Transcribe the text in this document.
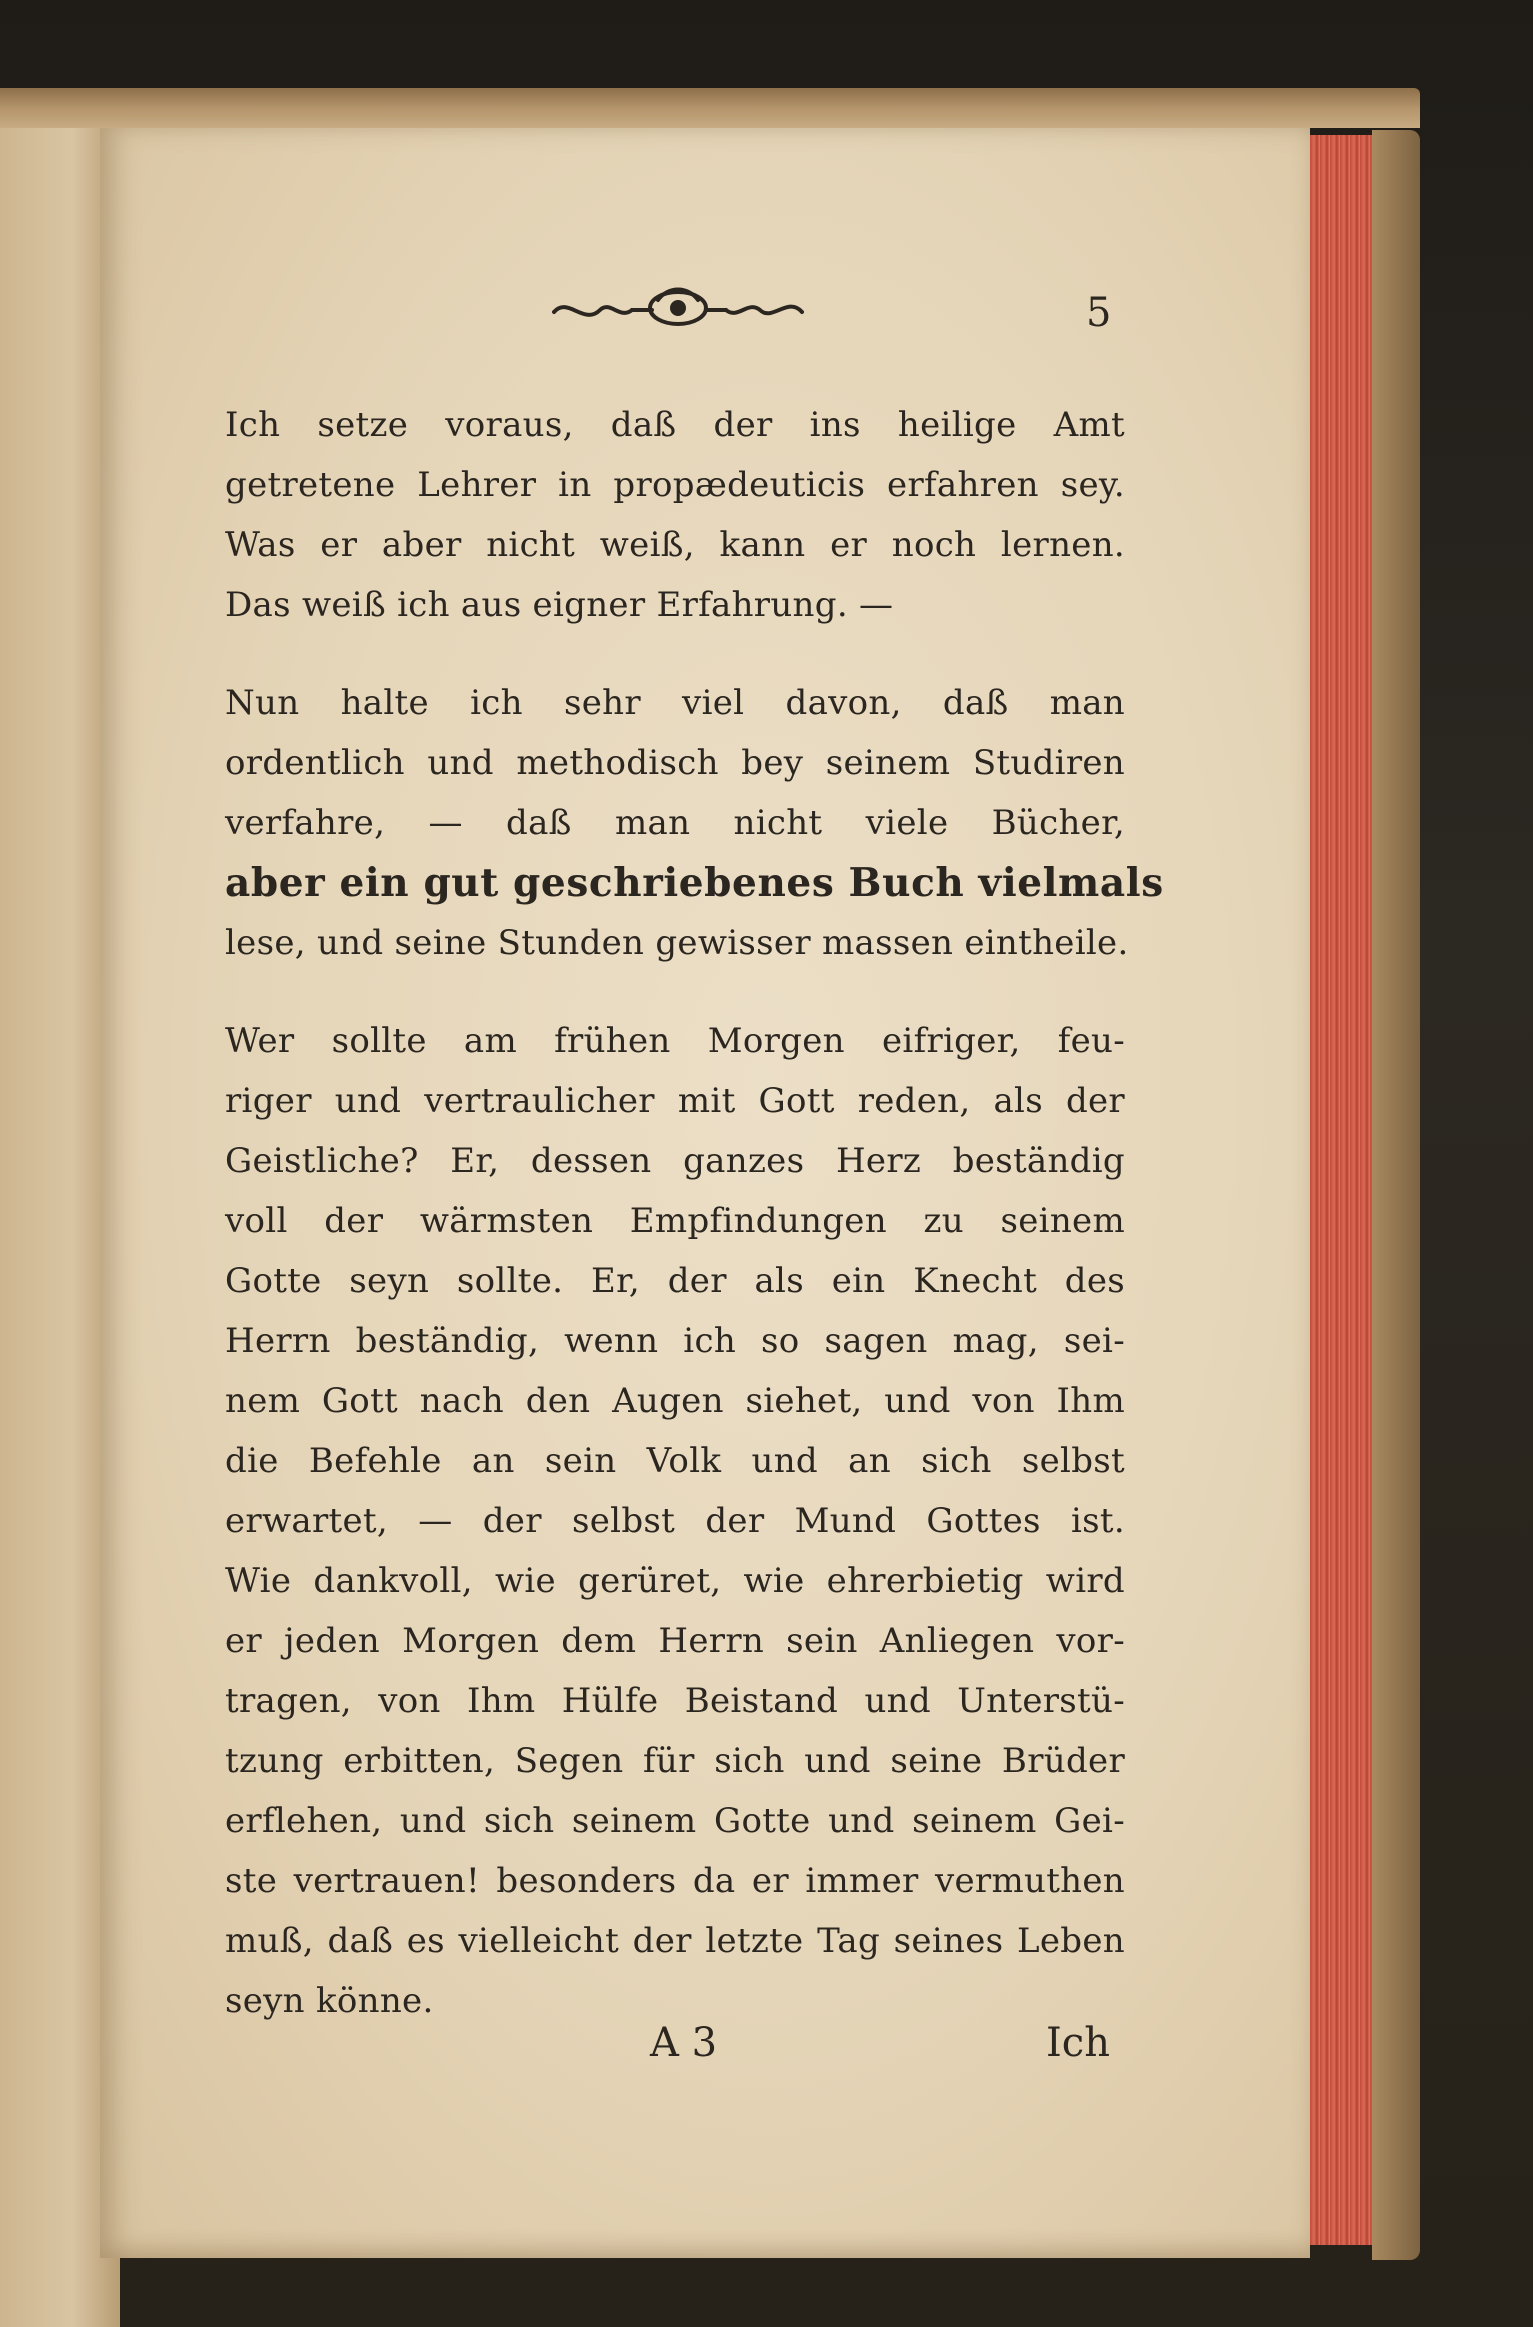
5
Ich setze voraus, daß der ins heilige Amt
getretene Lehrer in propædeuticis erfahren sey.
Was er aber nicht weiß, kann er noch lernen.
Das weiß ich aus eigner Erfahrung. —
Nun halte ich sehr viel davon, daß man
ordentlich und methodisch bey seinem Studiren
verfahre, — daß man nicht viele Bücher,
aber ein gut geschriebenes Buch vielmals
lese, und seine Stunden gewisser massen eintheile.
Wer sollte am frühen Morgen eifriger, feu-
riger und vertraulicher mit Gott reden, als der
Geistliche? Er, dessen ganzes Herz beständig
voll der wärmsten Empfindungen zu seinem
Gotte seyn sollte. Er, der als ein Knecht des
Herrn beständig, wenn ich so sagen mag, sei-
nem Gott nach den Augen siehet, und von Ihm
die Befehle an sein Volk und an sich selbst
erwartet, — der selbst der Mund Gottes ist.
Wie dankvoll, wie gerüret, wie ehrerbietig wird
er jeden Morgen dem Herrn sein Anliegen vor-
tragen, von Ihm Hülfe Beistand und Unterstü-
tzung erbitten, Segen für sich und seine Brüder
erflehen, und sich seinem Gotte und seinem Gei-
ste vertrauen! besonders da er immer vermuthen
muß, daß es vielleicht der letzte Tag seines Leben
seyn könne.
A 3	Ich
